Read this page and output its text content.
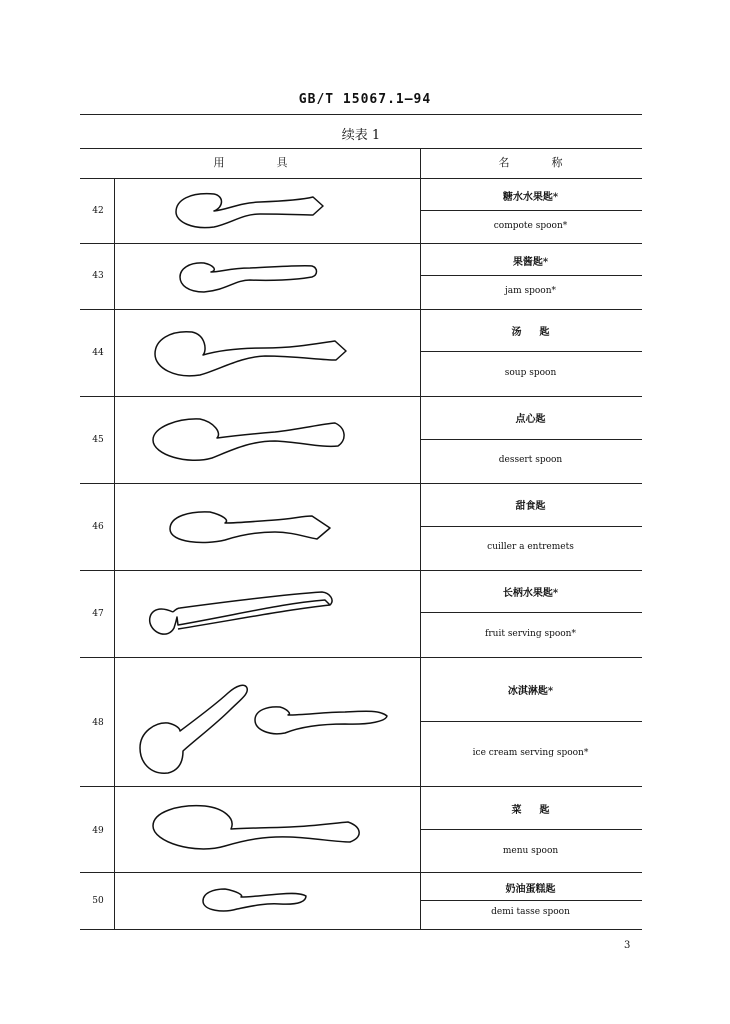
GB/T 15067.1—94
续表 1
用具	名称
42
糖水水果匙*
compote spoon*
43
果酱匙*
jam spoon*
44
汤匙
soup spoon
45
点心匙
dessert spoon
46
甜食匙
cuiller a entremets
47
长柄水果匙*
fruit serving spoon*
48
冰淇淋匙*
ice cream serving spoon*
49
菜匙
menu spoon
50
奶油蛋糕匙
demi tasse spoon
3
